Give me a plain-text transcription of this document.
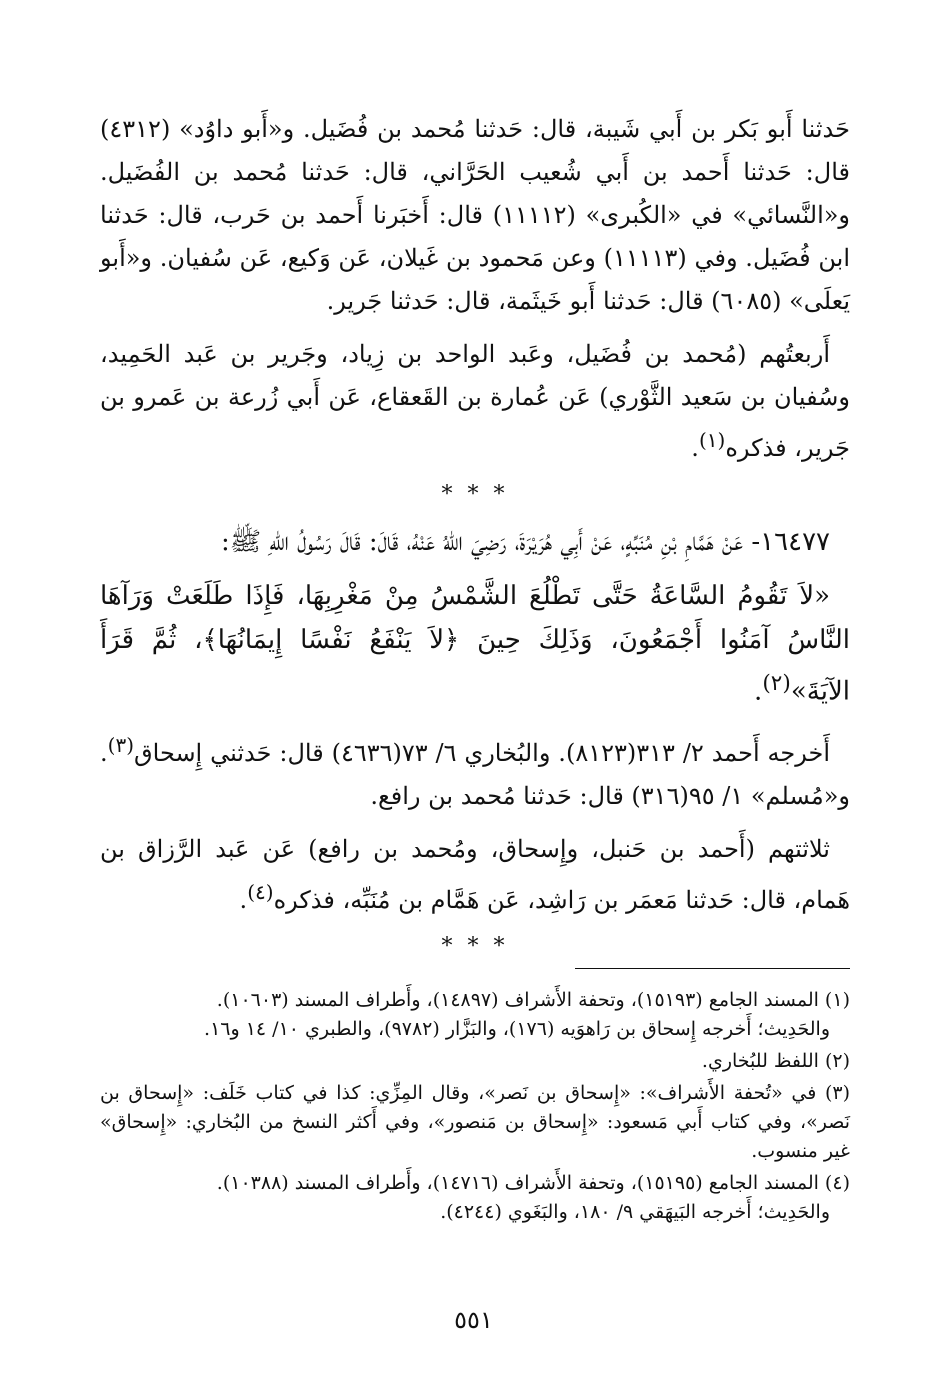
حَدثنا أَبو بَكر بن أَبي شَيبة، قال: حَدثنا مُحمد بن فُضَيل. و«أَبو داوُد» (٤٣١٢) قال: حَدثنا أَحمد بن أَبي شُعيب الحَرَّاني، قال: حَدثنا مُحمد بن الفُضَيل. و«النَّسائي» في «الكُبرى» (١١١١٢) قال: أَخبَرنا أَحمد بن حَرب، قال: حَدثنا ابن فُضَيل. وفي (١١١١٣) وعن مَحمود بن غَيلان، عَن وَكيع، عَن سُفيان. و«أَبو يَعلَى» (٦٠٨٥) قال: حَدثنا أَبو خَيثَمة، قال: حَدثنا جَرير.

أَربعتُهم (مُحمد بن فُضَيل، وعَبد الواحد بن زِياد، وجَرير بن عَبد الحَمِيد، وسُفيان بن سَعيد الثَّوْري) عَن عُمارة بن القَعقاع، عَن أَبي زُرعة بن عَمرو بن جَرير، فذكره$^{(١)}$.

* * *

١٦٤٧٧- عَنْ هَمَّامِ بْنِ مُنَبِّهٍ، عَنْ أَبِي هُرَيْرَةَ، رَضِيَ اللهُ عَنْهُ، قَالَ: قَالَ رَسُولُ اللهِ ﷺ:

«لاَ تَقُومُ السَّاعَةُ حَتَّى تَطْلُعَ الشَّمْسُ مِنْ مَغْرِبِهَا، فَإِذَا طَلَعَتْ وَرَآهَا النَّاسُ آمَنُوا أَجْمَعُونَ، وَذَلِكَ حِينَ ﴿لاَ يَنْفَعُ نَفْسًا إِيمَانُهَا﴾، ثُمَّ قَرَأَ الآيَةَ»$^{(٢)}$.

أَخرجه أَحمد ٢/ ٣١٣(٨١٢٣). والبُخاري ٦/ ٧٣(٤٦٣٦) قال: حَدثني إِسحاق$^{(٣)}$. و«مُسلم» ١/ ٩٥(٣١٦) قال: حَدثنا مُحمد بن رافع.

ثلاثتهم (أَحمد بن حَنبل، وإِسحاق، ومُحمد بن رافع) عَن عَبد الرَّزاق بن هَمام، قال: حَدثنا مَعمَر بن رَاشِد، عَن هَمَّام بن مُنَبِّه، فذكره$^{(٤)}$.

* * *

(١) المسند الجامع (١٥١٩٣)، وتحفة الأَشراف (١٤٨٩٧)، وأَطراف المسند (١٠٦٠٣).
والحَدِيث؛ أَخرجه إِسحاق بن رَاهوَيه (١٧٦)، والبَزَّار (٩٧٨٢)، والطبري ١٠/ ١٤ و١٦.

(٢) اللفظ للبُخاري.

(٣) في «تُحفة الأَشراف»: «إِسحاق بن نَصر»، وقال المِزِّي: كذا في كتاب خَلَف: «إِسحاق بن نَصر»، وفي كتاب أَبي مَسعود: «إِسحاق بن مَنصور»، وفي أَكثر النسخ من البُخاري: «إِسحاق» غير منسوب.

(٤) المسند الجامع (١٥١٩٥)، وتحفة الأَشراف (١٤٧١٦)، وأَطراف المسند (١٠٣٨٨).
والحَدِيث؛ أَخرجه البَيهَقي ٩/ ١٨٠، والبَغَوي (٤٢٤٤).

٥٥١
